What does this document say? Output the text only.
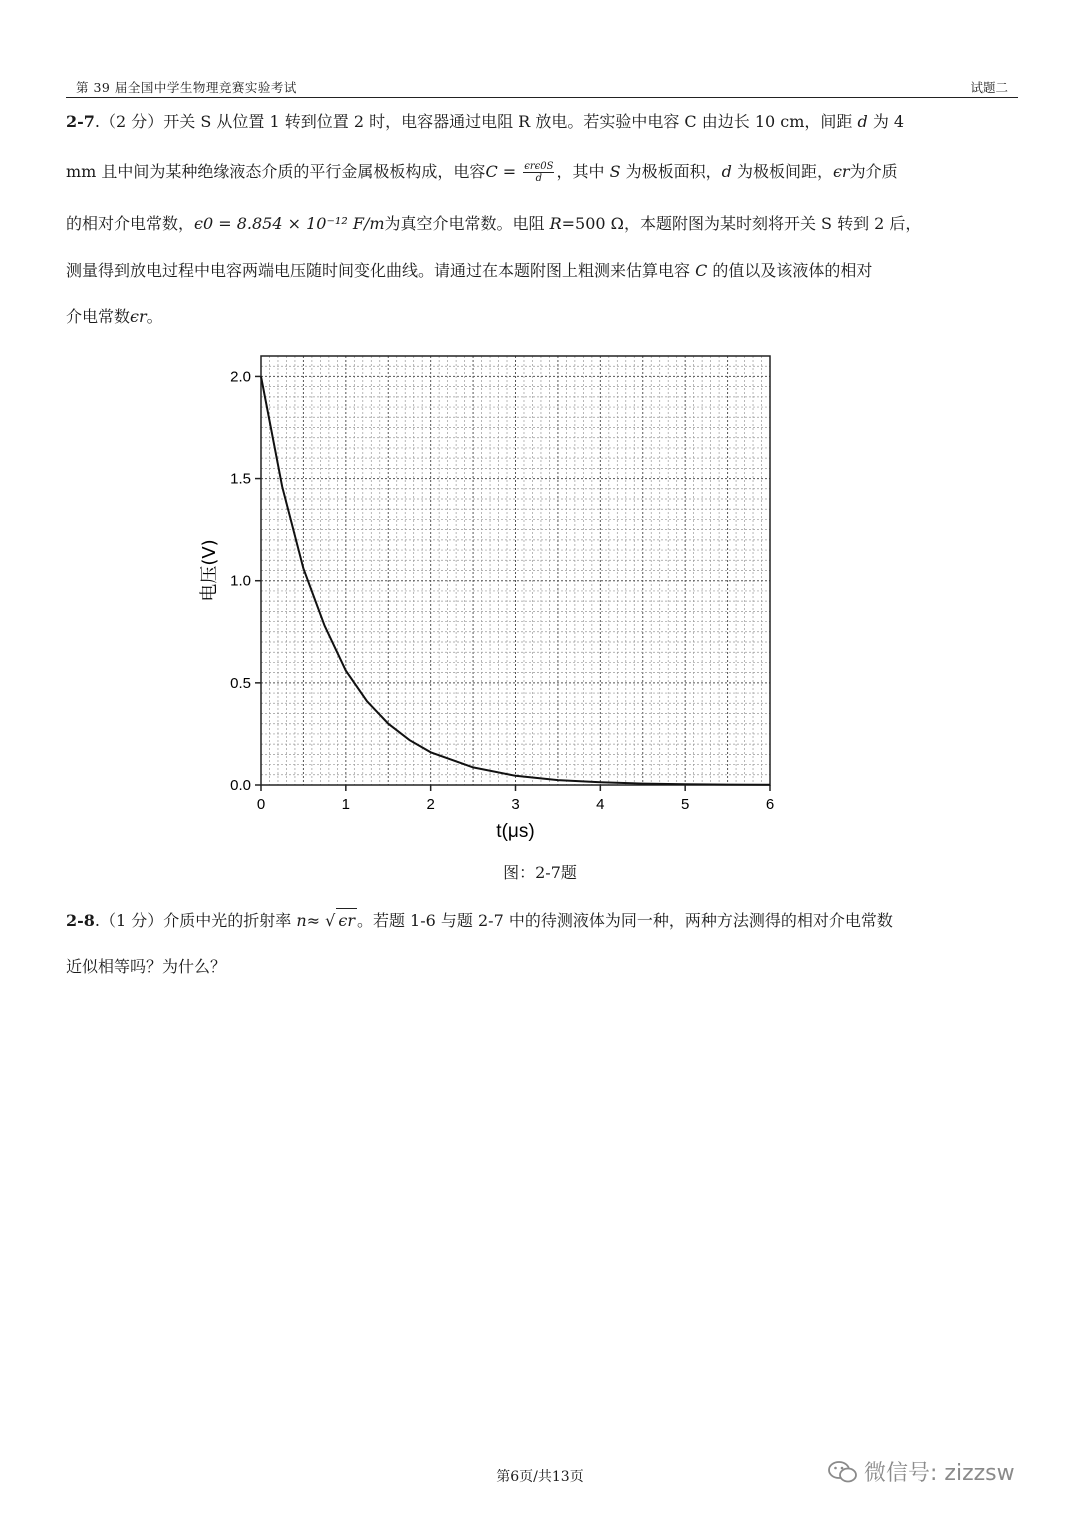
第 39 届全国中学生物理竞赛实验考试	试题二
2-7.（2 分）开关 S 从位置 1 转到位置 2 时，电容器通过电阻 R 放电。若实验中电容 C 由边长 10 cm，间距 d 为 4
mm 且中间为某种绝缘液态介质的平行金属极板构成，电容$C = \frac{\text{ϵrϵ0S}}{d}$ ，其中 S 为极板面积，d 为极板间距，ϵr为介质
的相对介电常数，ϵ0 = 8.854 × 10⁻¹² F/m为真空介电常数。电阻 R=500 Ω，本题附图为某时刻将开关 S 转到 2 后，
测量得到放电过程中电容两端电压随时间变化曲线。请通过在本题附图上粗测来估算电容 C 的值以及该液体的相对
介电常数ϵr。
0	1	2	3	4	5	6
0.0
0.5
1.0
1.5
2.0
t(μs)
电压(V)
图：2-7题
2-8.（1 分）介质中光的折射率 n≈ √ ϵr 。若题 1-6 与题 2-7 中的待测液体为同一种，两种方法测得的相对介电常数
近似相等吗？为什么？
第6页/共13页	微信号: zizzsw
